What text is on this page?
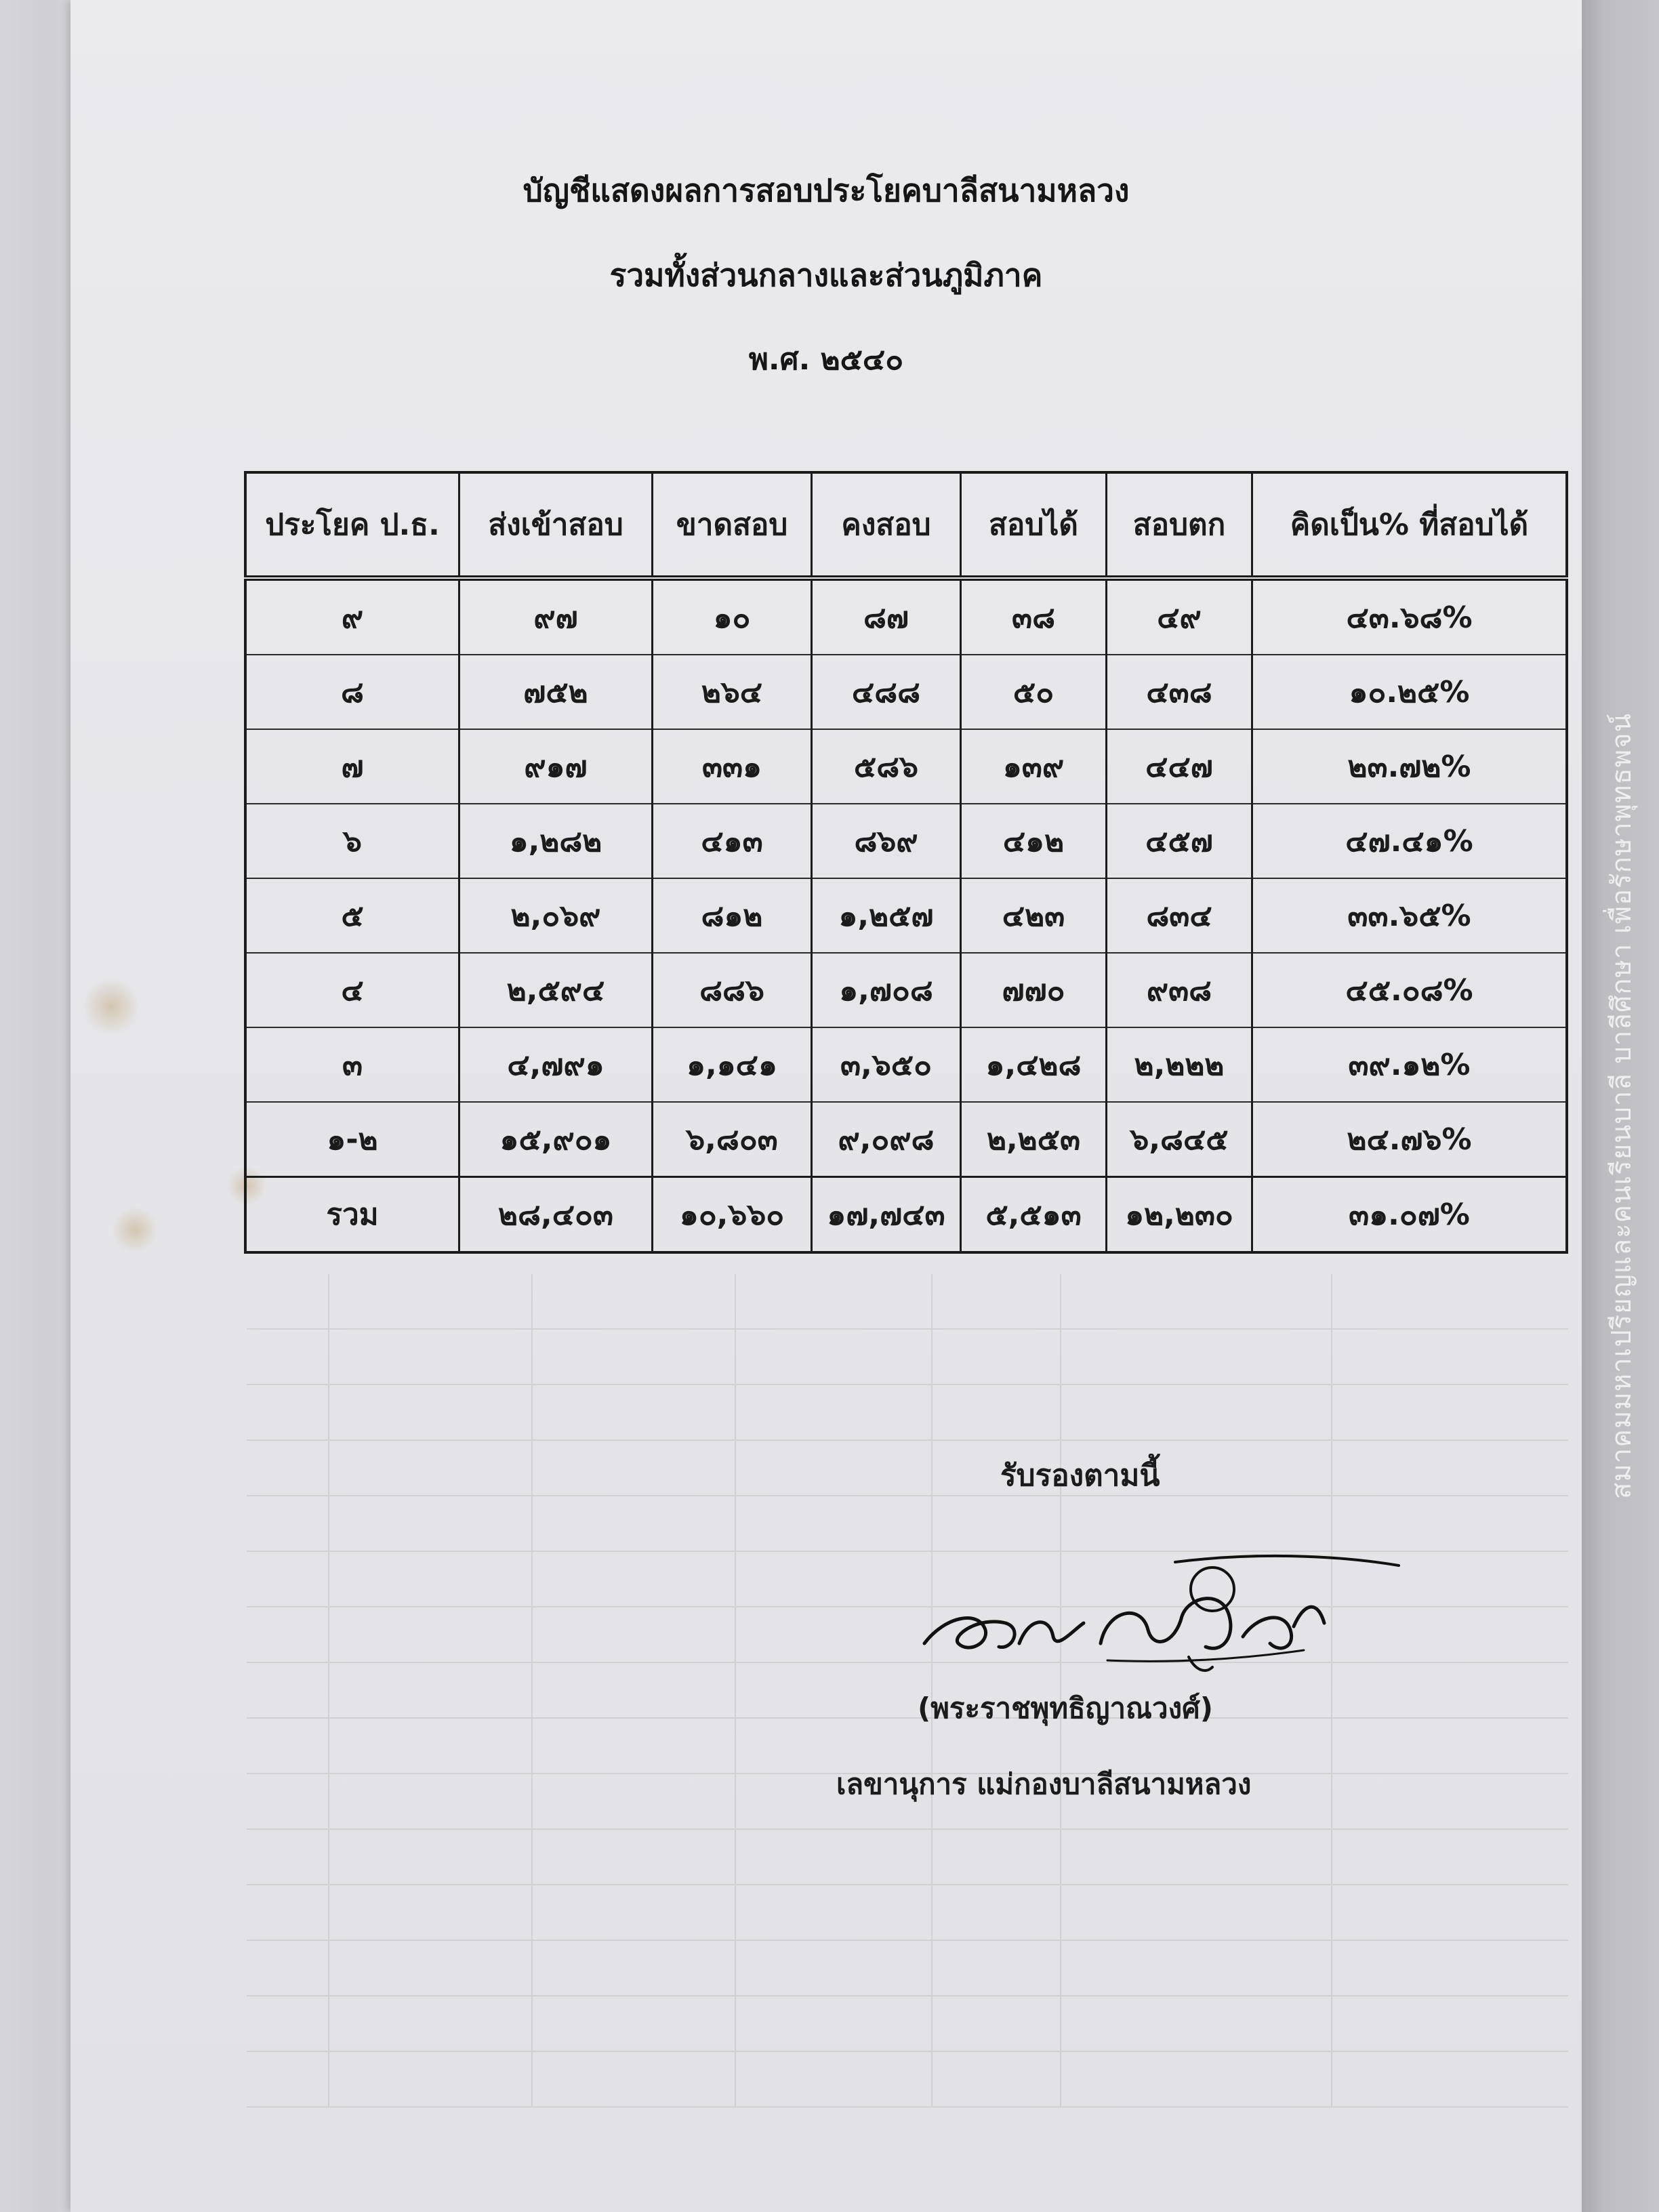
บัญชีแสดงผลการสอบประโยคบาลีสนามหลวง
รวมทั้งส่วนกลางและส่วนภูมิภาค
พ.ศ. ๒๕๔๐
ประโยค ป.ธ.	ส่งเข้าสอบ	ขาดสอบ	คงสอบ	สอบได้	สอบตก	คิดเป็น% ที่สอบได้
๙	๙๗	๑๐	๘๗	๓๘	๔๙	๔๓.๖๘%
๘	๗๕๒	๒๖๔	๔๘๘	๕๐	๔๓๘	๑๐.๒๕%
๗	๙๑๗	๓๓๑	๕๘๖	๑๓๙	๔๔๗	๒๓.๗๒%
๖	๑,๒๘๒	๔๑๓	๘๖๙	๔๑๒	๔๕๗	๔๗.๔๑%
๕	๒,๐๖๙	๘๑๒	๑,๒๕๗	๔๒๓	๘๓๔	๓๓.๖๕%
๔	๒,๕๙๔	๘๘๖	๑,๗๐๘	๗๗๐	๙๓๘	๔๕.๐๘%
๓	๔,๗๙๑	๑,๑๔๑	๓,๖๕๐	๑,๔๒๘	๒,๒๒๒	๓๙.๑๒%
๑-๒	๑๕,๙๐๑	๖,๘๐๓	๙,๐๙๘	๒,๒๕๓	๖,๘๔๕	๒๔.๗๖%
รวม	๒๘,๔๐๓	๑๐,๖๖๐	๑๗,๗๔๓	๕,๕๑๓	๑๒,๒๓๐	๓๑.๐๗%
รับรองตามนี้
(พระราชพุทธิญาณวงศ์)
เลขานุการ แม่กองบาลีสนามหลวง
สมาคมมหาเปรียญและคนเรียนบาลี บาลีศึกษา เพื่อรักษาพุทธพจน์
